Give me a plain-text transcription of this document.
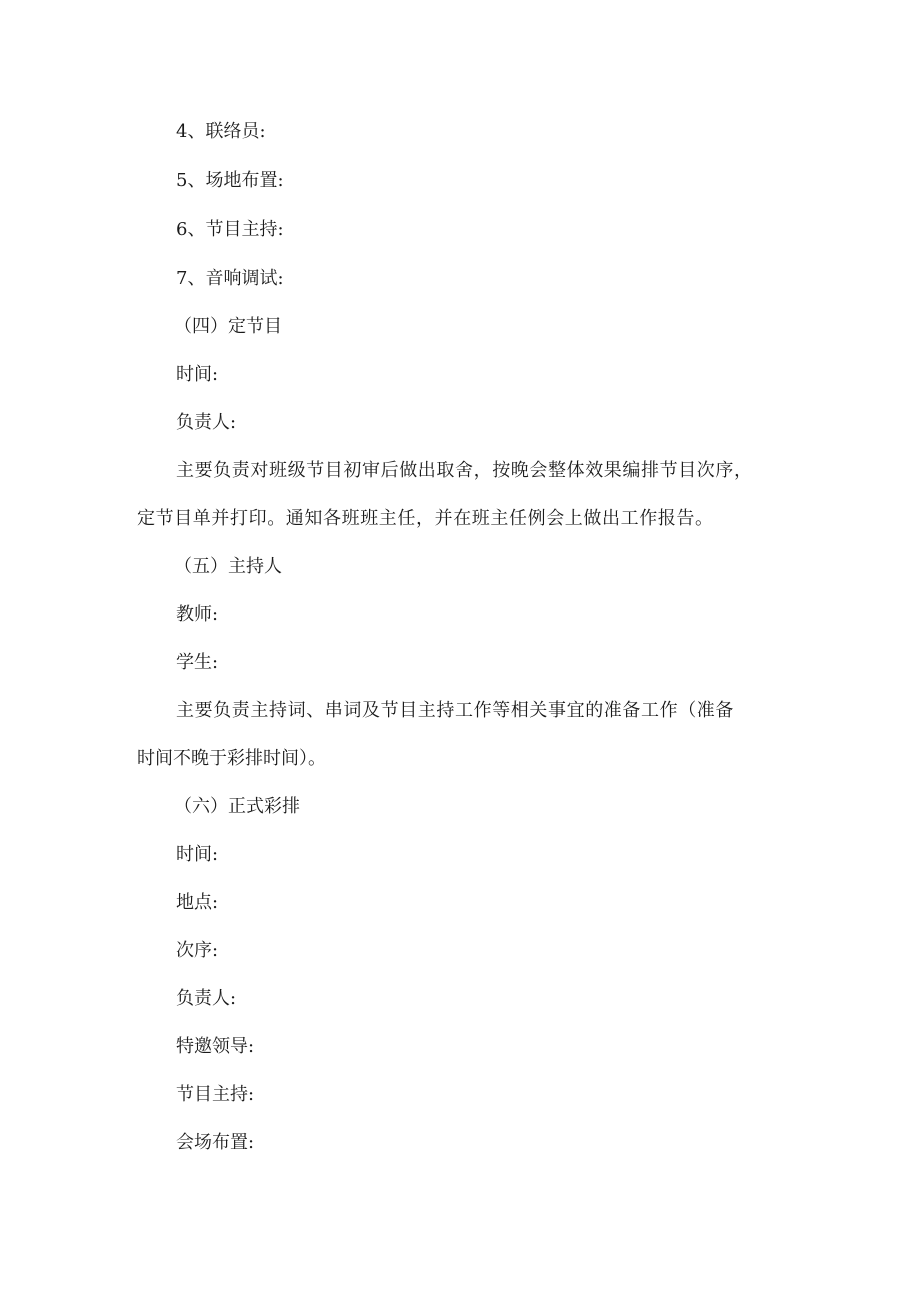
4、联络员:
5、场地布置:
6、节目主持:
7、音响调试:
（四）定节目
时间:
负责人:
主要负责对班级节目初审后做出取舍，按晚会整体效果编排节目次序，
定节目单并打印。通知各班班主任，并在班主任例会上做出工作报告。
（五）主持人
教师:
学生:
主要负责主持词、串词及节目主持工作等相关事宜的准备工作（准备
时间不晚于彩排时间）。
（六）正式彩排
时间:
地点:
次序:
负责人:
特邀领导:
节目主持:
会场布置:
